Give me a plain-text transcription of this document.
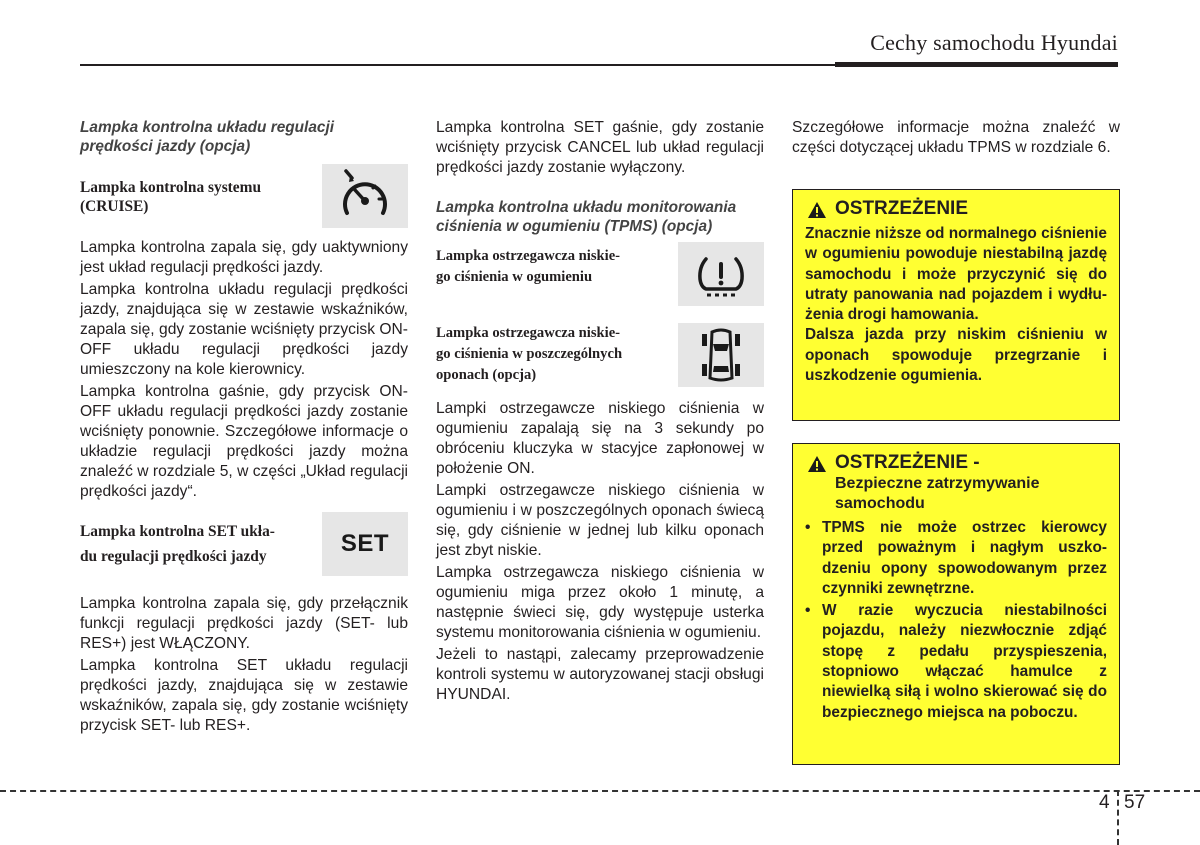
Cechy samochodu Hyundai
Lampka kontrolna układu regulacji prędkości jazdy (opcja)
Lampka kontrolna systemu
(CRUISE)

Lampka kontrolna zapala się, gdy uaktywniony jest układ regulacji prędkości jazdy.

Lampka kontrolna układu regulacji prędkości jazdy, znajdująca się w zestawie wskaźników, zapala się, gdy zostanie wciśnięty przycisk ON-OFF układu regulacji prędkości jazdy umieszczony na kole kierownicy.

Lampka kontrolna gaśnie, gdy przycisk ON-OFF układu regulacji prędkości jazdy zostanie wciśnięty ponownie. Szczegółowe informacje o układzie regulacji prędkości jazdy można znaleźć w rozdziale 5, w części „Układ regulacji prędkości jazdy“.

Lampka kontrolna SET ukła-
du regulacji prędkości jazdy	SET

Lampka kontrolna zapala się, gdy przełącznik funkcji regulacji prędkości jazdy (SET- lub RES+) jest WŁĄCZONY.

Lampka kontrolna SET układu regulacji prędkości jazdy, znajdująca się w zestawie wskaźników, zapala się, gdy zostanie wciśnięty przycisk SET- lub RES+.

Lampka kontrolna SET gaśnie, gdy zostanie wciśnięty przycisk CANCEL lub układ regulacji prędkości jazdy zostanie wyłączony.

Lampka kontrolna układu monitorowania ciśnienia w ogumieniu (TPMS) (opcja)
Lampka ostrzegawcza niskie-
go ciśnienia w ogumieniu
Lampka ostrzegawcza niskie-
go ciśnienia w poszczególnych
oponach (opcja)

Lampki ostrzegawcze niskiego ciśnienia w ogumieniu zapalają się na 3 sekundy po obróceniu kluczyka w stacyjce zapłonowej w położenie ON.

Lampki ostrzegawcze niskiego ciśnienia w ogumieniu i w poszczególnych oponach świecą się, gdy ciśnienie w jednej lub kilku oponach jest zbyt niskie.

Lampka ostrzegawcza niskiego ciśnienia w ogumieniu miga przez około 1 minutę, a następnie świeci się, gdy występuje usterka systemu monitorowania ciśnienia w ogumieniu.

Jeżeli to nastąpi, zalecamy przeprowadzenie kontroli systemu w autoryzowanej stacji obsługi HYUNDAI.

Szczegółowe informacje można znaleźć w części dotyczącej układu TPMS w rozdziale 6.

OSTRZEŻENIE

Znacznie niższe od normalnego ciśnienie w ogumieniu powoduje niestabilną jazdę samochodu i może przyczynić się do utraty panowania nad pojazdem i wydłużenia drogi hamowania.

Dalsza jazda przy niskim ciśnieniu w oponach spowoduje przegrzanie i uszkodzenie ogumienia.

OSTRZEŻENIE -
Bezpieczne zatrzymywanie
samochodu
• TPMS nie może ostrzec kierowcy przed poważnym i nagłym uszkodzeniu opony spowodowanym przez czynniki zewnętrzne.
• W razie wyczucia niestabilności pojazdu, należy niezwłocznie zdjąć stopę z pedału przyspieszenia, stopniowo włączać hamulce z niewielką siłą i wolno skierować się do bezpiecznego miejsca na poboczu.
4 57
